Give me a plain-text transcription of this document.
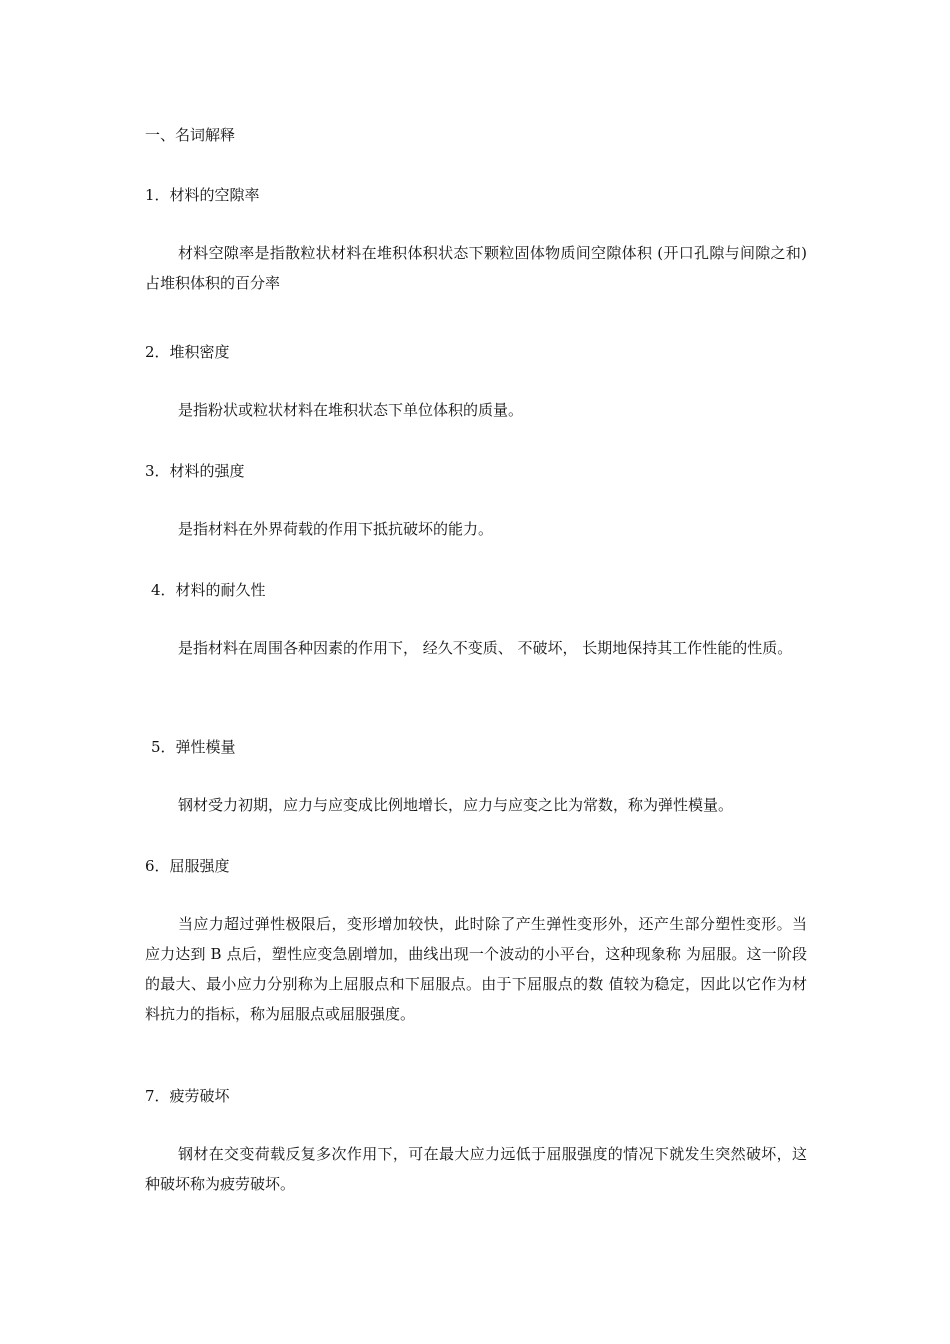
一、名词解释
1．材料的空隙率
材料空隙率是指散粒状材料在堆积体积状态下颗粒固体物质间空隙体积 (开口孔隙与间隙之和)占堆积体积的百分率
2．堆积密度
是指粉状或粒状材料在堆积状态下单位体积的质量。
3．材料的强度
是指材料在外界荷载的作用下抵抗破坏的能力。
4．材料的耐久性
是指材料在周围各种因素的作用下， 经久不变质、 不破坏， 长期地保持其工作性能的性质。
5．弹性模量
钢材受力初期，应力与应变成比例地增长，应力与应变之比为常数，称为弹性模量。
6．屈服强度
当应力超过弹性极限后，变形增加较快，此时除了产生弹性变形外，还产生部分塑性变形。当应力达到 B 点后，塑性应变急剧增加，曲线出现一个波动的小平台，这种现象称 为屈服。这一阶段的最大、最小应力分别称为上屈服点和下屈服点。由于下屈服点的数 值较为稳定，因此以它作为材料抗力的指标，称为屈服点或屈服强度。
7．疲劳破坏
钢材在交变荷载反复多次作用下，可在最大应力远低于屈服强度的情况下就发生突然破坏，这种破坏称为疲劳破坏。
